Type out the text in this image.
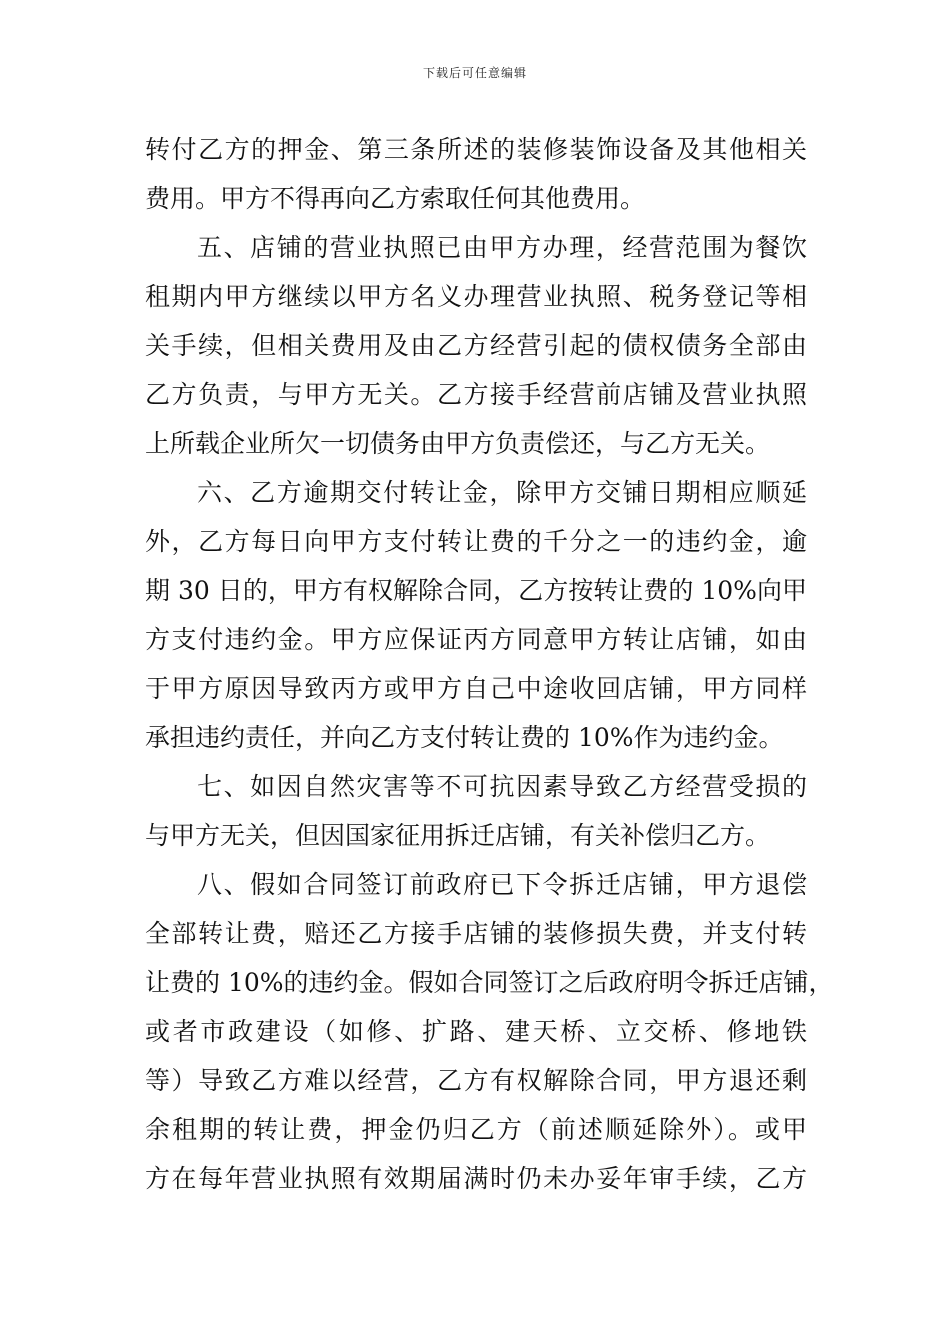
下载后可任意编辑
转付乙方的押金、第三条所述的装修装饰设备及其他相关
费用。甲方不得再向乙方索取任何其他费用。
五、店铺的营业执照已由甲方办理，经营范围为餐饮
租期内甲方继续以甲方名义办理营业执照、税务登记等相
关手续，但相关费用及由乙方经营引起的债权债务全部由
乙方负责，与甲方无关。乙方接手经营前店铺及营业执照
上所载企业所欠一切债务由甲方负责偿还，与乙方无关。
六、乙方逾期交付转让金，除甲方交铺日期相应顺延
外，乙方每日向甲方支付转让费的千分之一的违约金，逾
期 30 日的，甲方有权解除合同，乙方按转让费的 10%向甲
方支付违约金。甲方应保证丙方同意甲方转让店铺，如由
于甲方原因导致丙方或甲方自己中途收回店铺，甲方同样
承担违约责任，并向乙方支付转让费的 10%作为违约金。
七、如因自然灾害等不可抗因素导致乙方经营受损的
与甲方无关，但因国家征用拆迁店铺，有关补偿归乙方。
八、假如合同签订前政府已下令拆迁店铺，甲方退偿
全部转让费，赔还乙方接手店铺的装修损失费，并支付转
让费的 10%的违约金。假如合同签订之后政府明令拆迁店铺，
或者市政建设（如修、扩路、建天桥、立交桥、修地铁
等）导致乙方难以经营，乙方有权解除合同，甲方退还剩
余租期的转让费，押金仍归乙方（前述顺延除外）。或甲
方在每年营业执照有效期届满时仍未办妥年审手续，乙方
